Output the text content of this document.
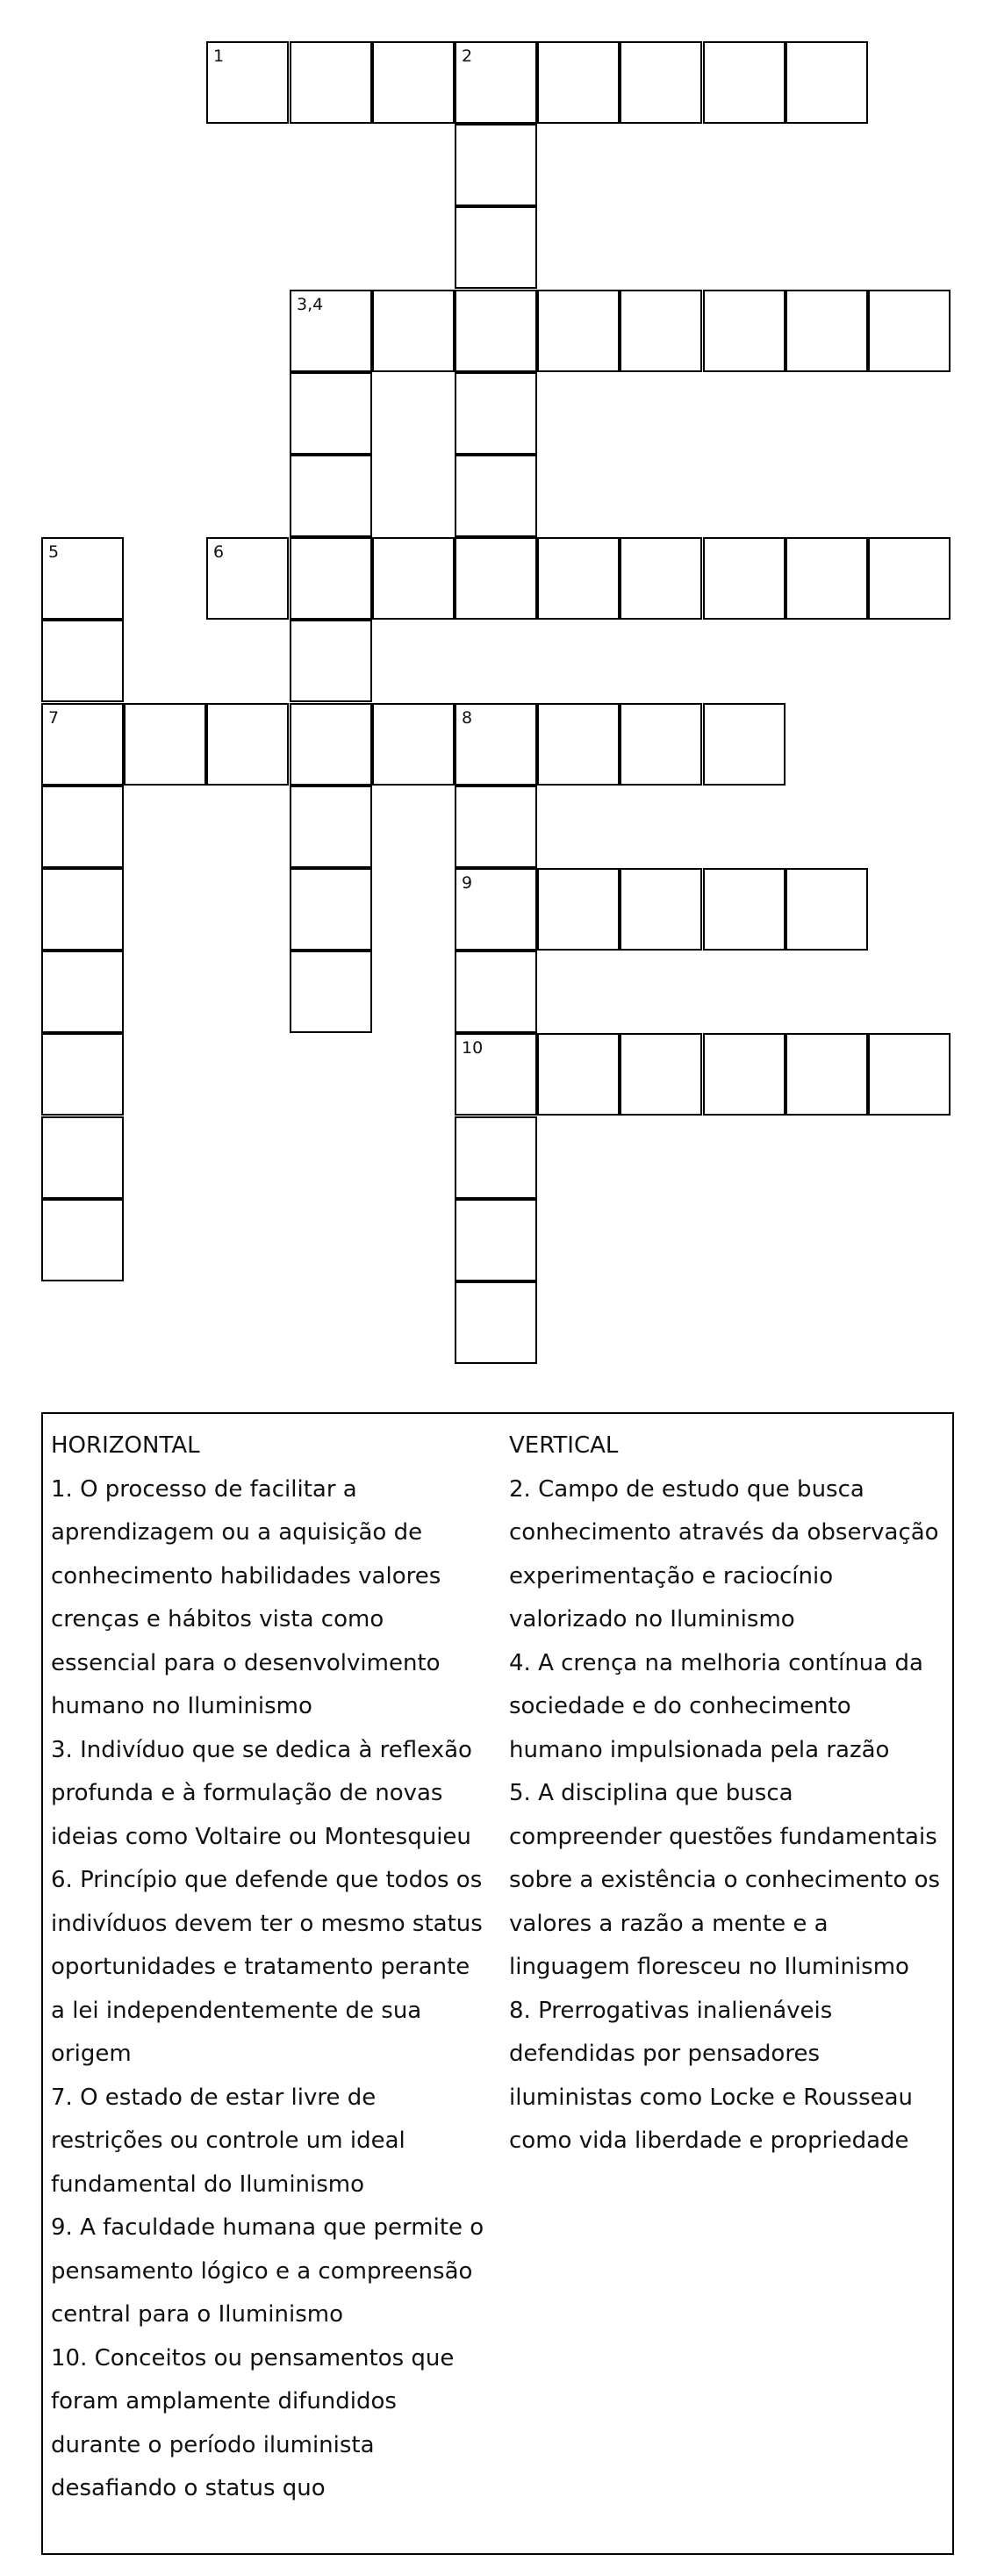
1	2
3,4
5	6
7	8
9
10
HORIZONTAL
1. O processo de facilitar a
aprendizagem ou a aquisição de
conhecimento habilidades valores
crenças e hábitos vista como
essencial para o desenvolvimento
humano no Iluminismo
3. Indivíduo que se dedica à reflexão
profunda e à formulação de novas
ideias como Voltaire ou Montesquieu
6. Princípio que defende que todos os
indivíduos devem ter o mesmo status
oportunidades e tratamento perante
a lei independentemente de sua
origem
7. O estado de estar livre de
restrições ou controle um ideal
fundamental do Iluminismo
9. A faculdade humana que permite o
pensamento lógico e a compreensão
central para o Iluminismo
10. Conceitos ou pensamentos que
foram amplamente difundidos
durante o período iluminista
desafiando o status quo
VERTICAL
2. Campo de estudo que busca
conhecimento através da observação
experimentação e raciocínio
valorizado no Iluminismo
4. A crença na melhoria contínua da
sociedade e do conhecimento
humano impulsionada pela razão
5. A disciplina que busca
compreender questões fundamentais
sobre a existência o conhecimento os
valores a razão a mente e a
linguagem floresceu no Iluminismo
8. Prerrogativas inalienáveis
defendidas por pensadores
iluministas como Locke e Rousseau
como vida liberdade e propriedade
